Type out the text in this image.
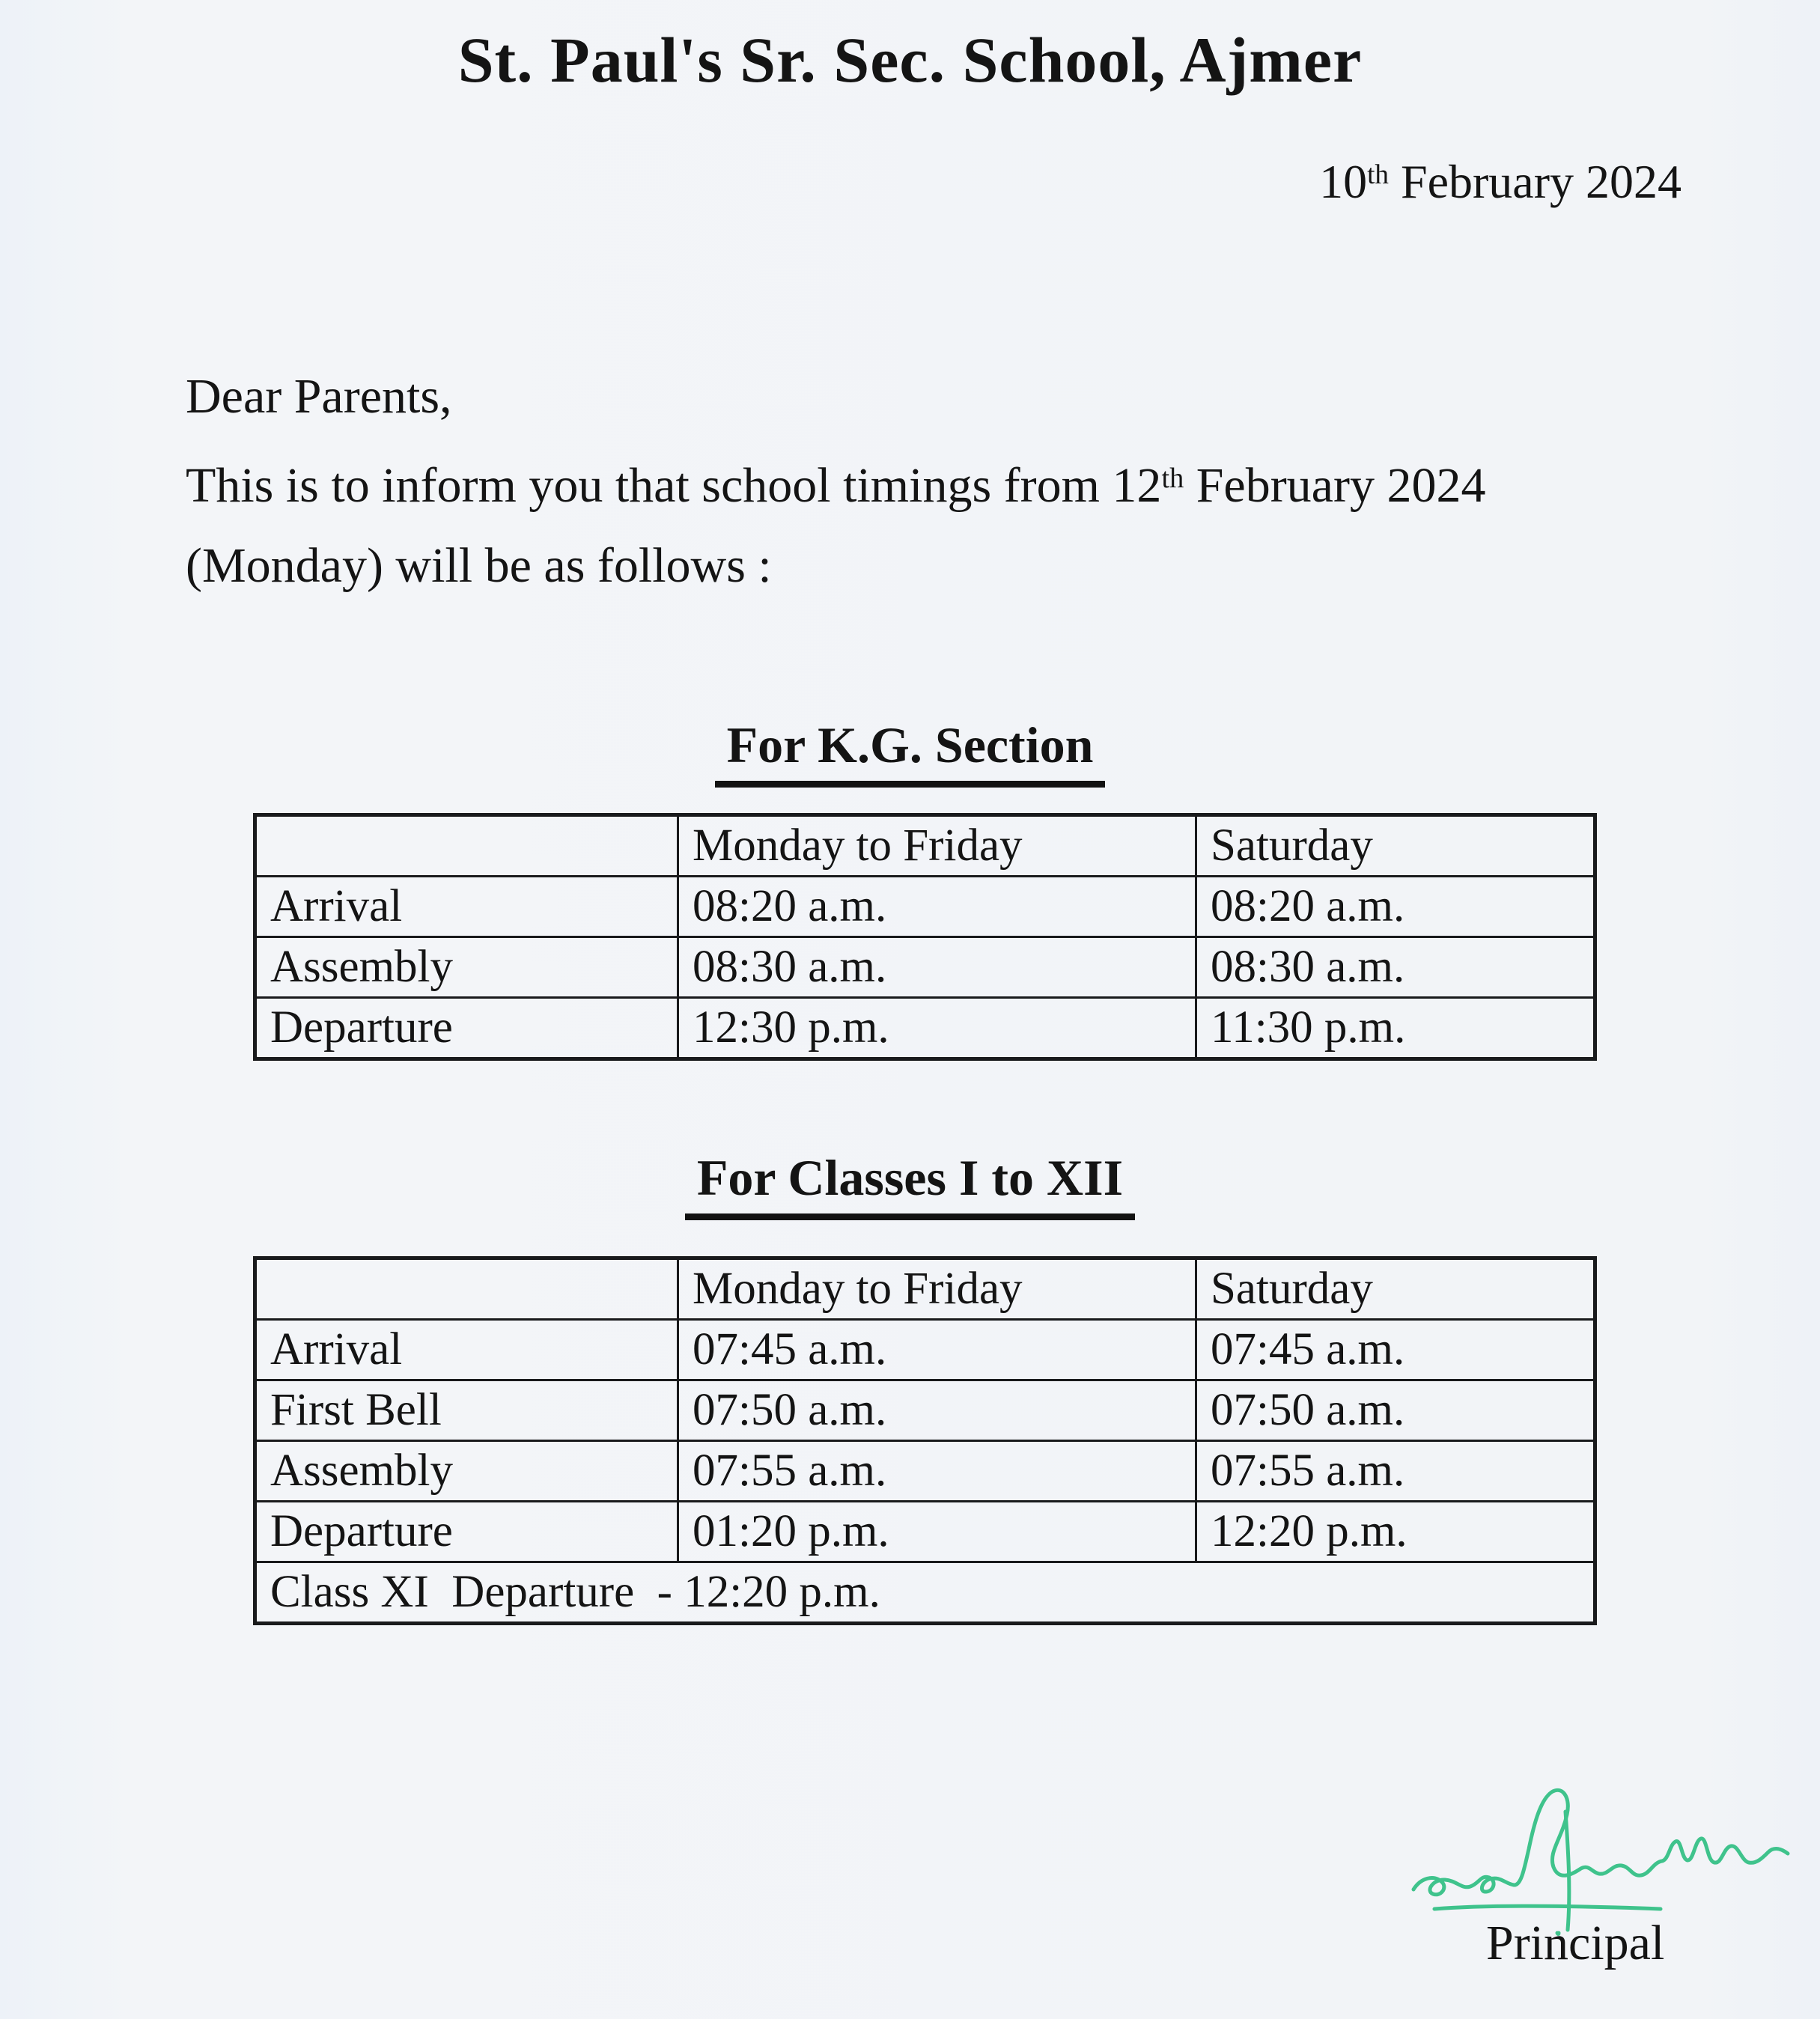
St. Paul's Sr. Sec. School, Ajmer
10th February 2024
Dear Parents,

This is to inform you that school timings from 12th February 2024
(Monday) will be as follows :

For K.G. Section
	Monday to Friday	Saturday
Arrival	08:20 a.m.	08:20 a.m.
Assembly	08:30 a.m.	08:30 a.m.
Departure	12:30 p.m.	11:30 p.m.
For Classes I to XII
	Monday to Friday	Saturday
Arrival	07:45 a.m.	07:45 a.m.
First Bell	07:50 a.m.	07:50 a.m.
Assembly	07:55 a.m.	07:55 a.m.
Departure	01:20 p.m.	12:20 p.m.
Class XI  Departure  - 12:20 p.m.		
Principal
